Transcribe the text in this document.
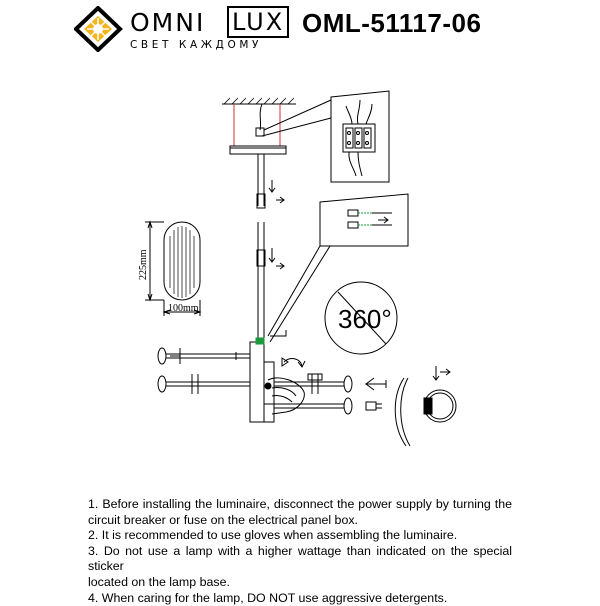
OMNI LUX
СВЕТ КАЖДОМУ
OML-51117-06
225mm
100mm	360°

1. Before installing the luminaire, disconnect the power supply by turning the

circuit breaker or fuse on the electrical panel box.

2. It is recommended to use gloves when assembling the luminaire.

3. Do not use a lamp with a higher wattage than indicated on the special sticker

located on the lamp base.

4. When caring for the lamp, DO NOT use aggressive detergents.
